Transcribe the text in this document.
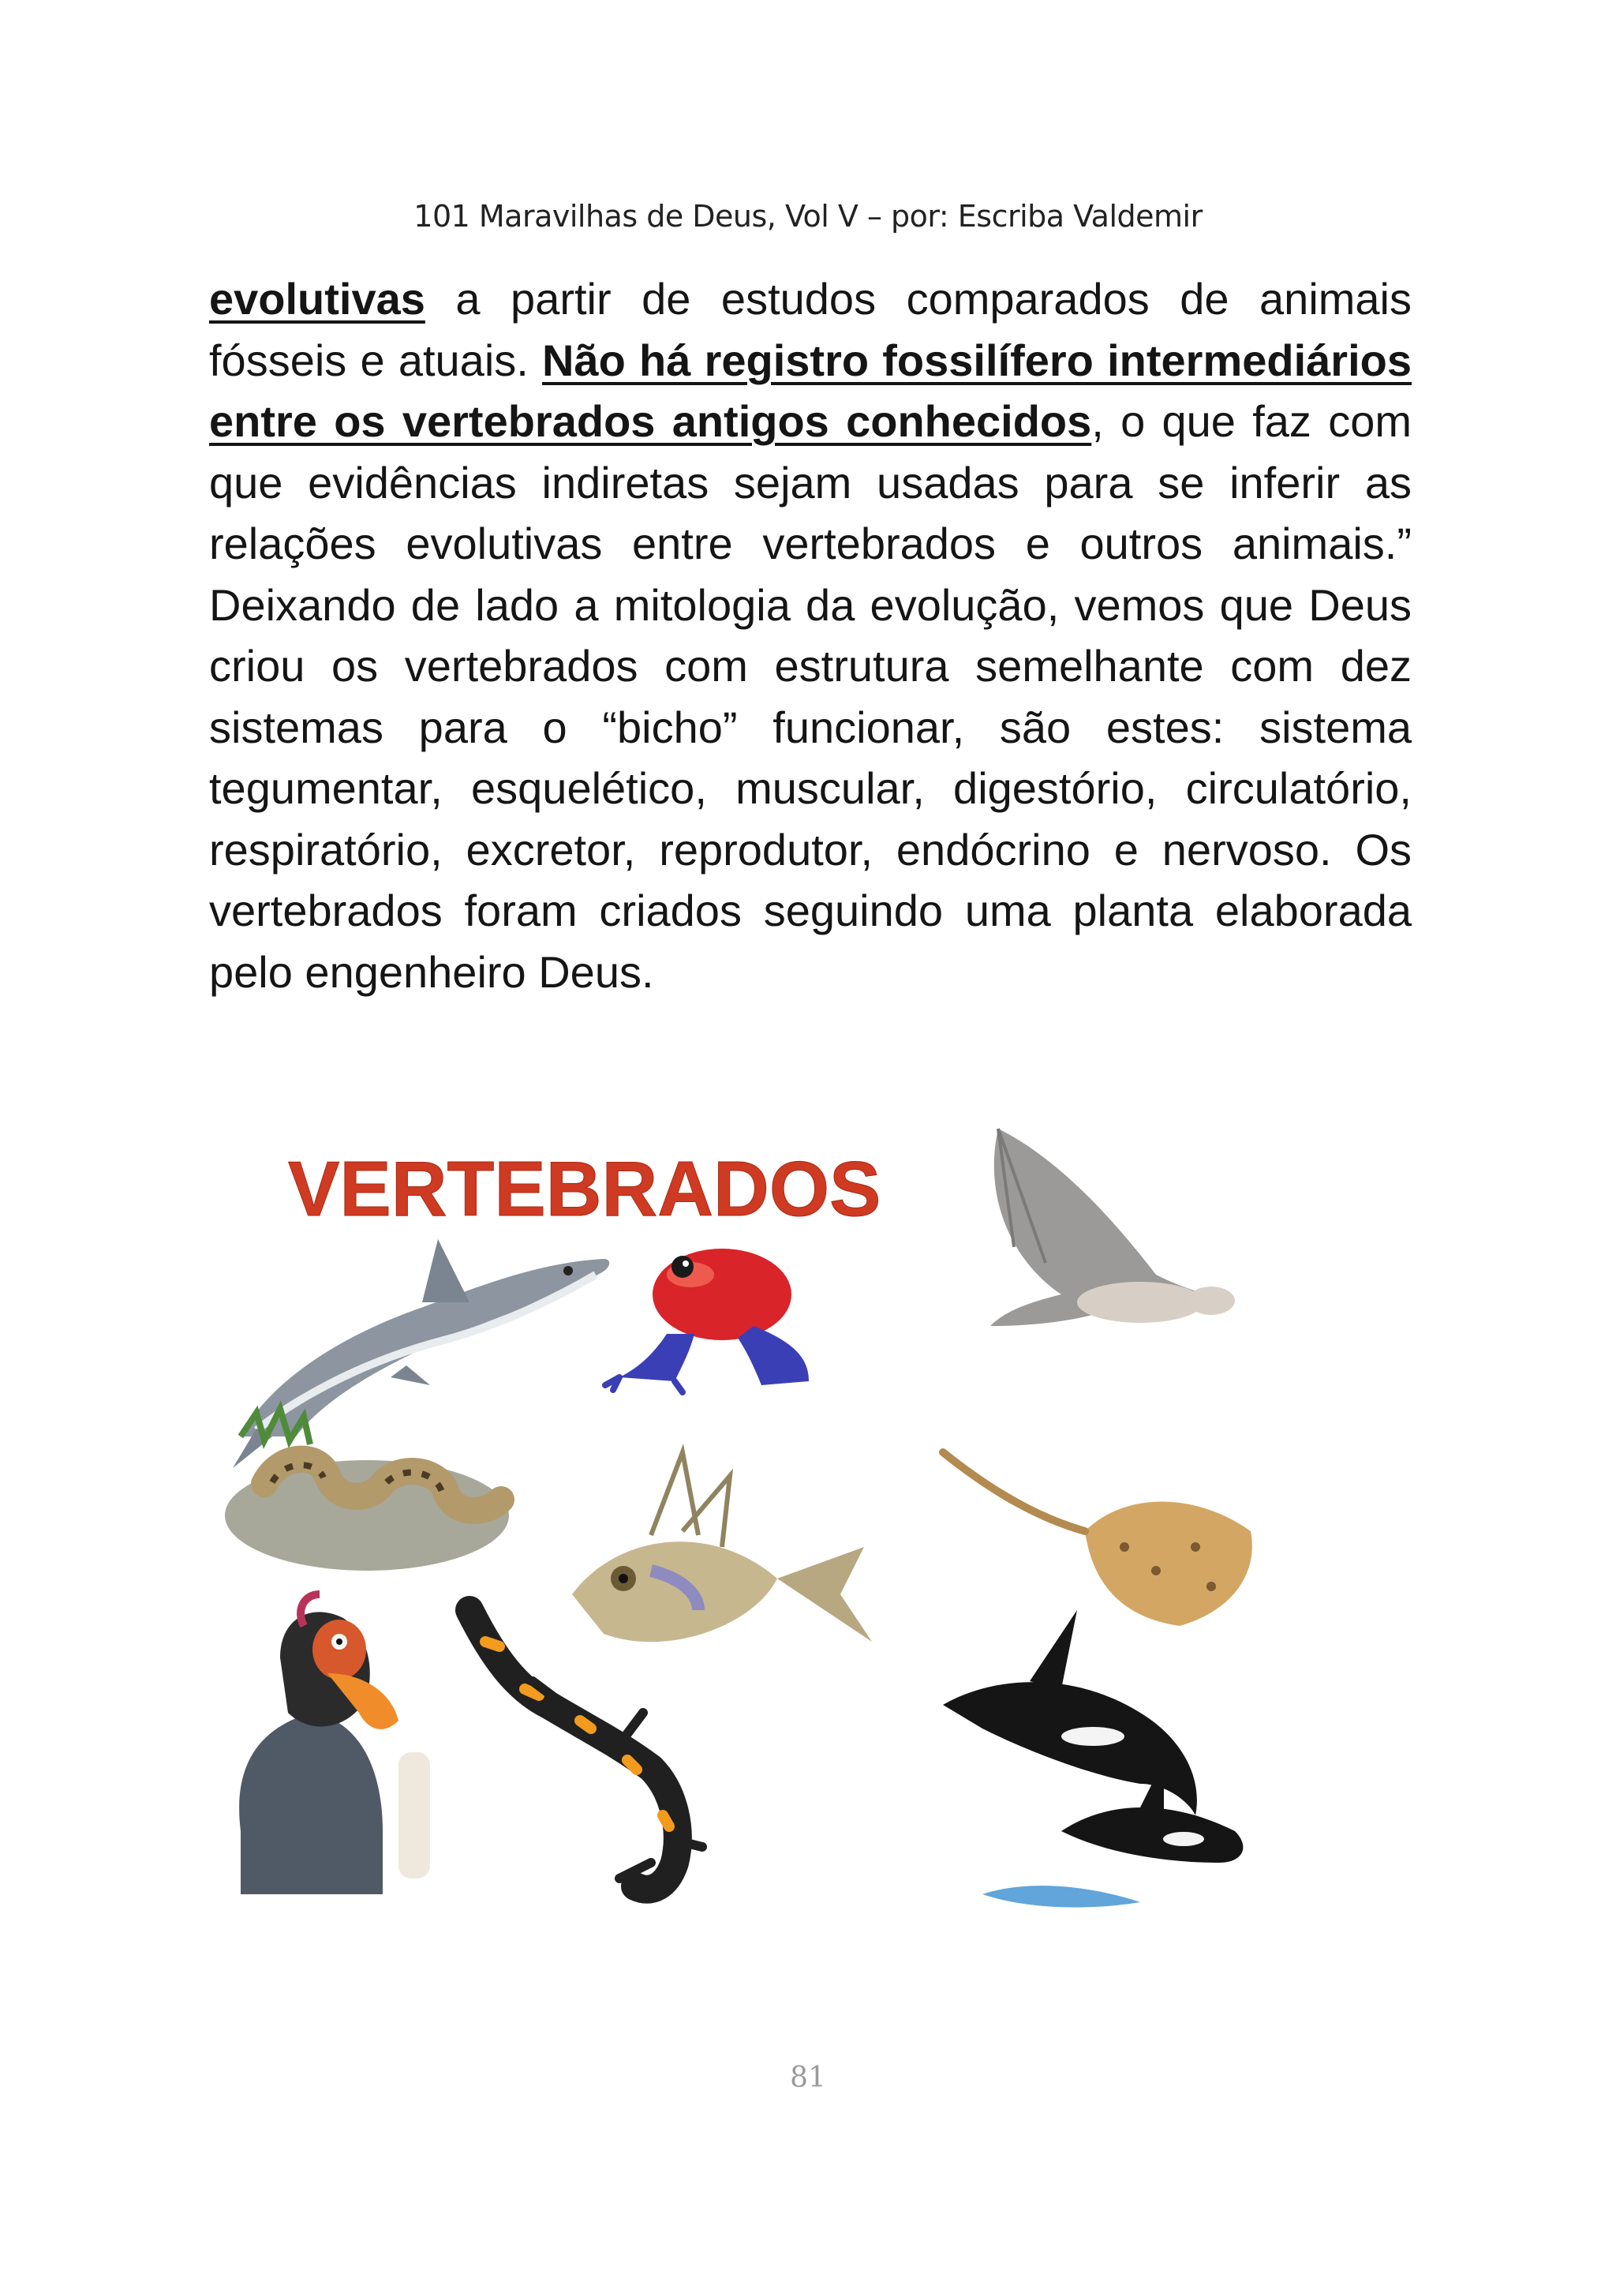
101 Maravilhas de Deus, Vol V – por: Escriba Valdemir
evolutivas a partir de estudos comparados de animais fósseis e atuais. Não há registro fossilífero intermediários entre os vertebrados antigos conhecidos, o que faz com que evidências indiretas sejam usadas para se inferir as relações evolutivas entre vertebrados e outros animais.” Deixando de lado a mitologia da evolução, vemos que Deus criou os vertebrados com estrutura semelhante com dez sistemas para o “bicho” funcionar, são estes: sistema tegumentar, esquelético, muscular, digestório, circulatório, respiratório, excretor, reprodutor, endócrino e nervoso. Os vertebrados foram criados seguindo uma planta elaborada pelo engenheiro Deus.
VERTEBRADOS
81
